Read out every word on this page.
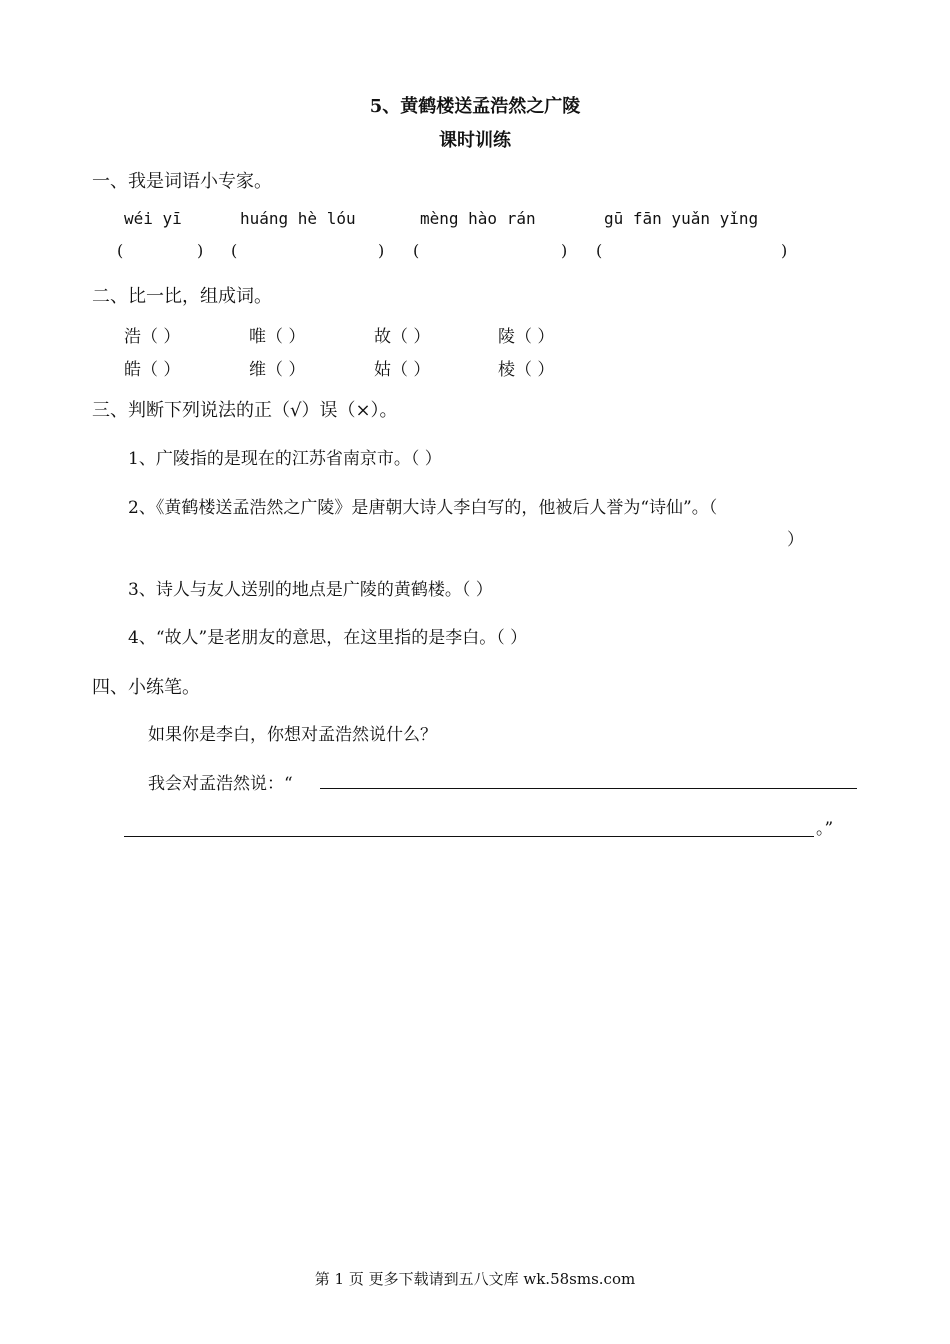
5、黄鹤楼送孟浩然之广陵
课时训练
一、我是词语小专家。
wéi yī	huáng hè lóu	mèng hào rán	gū fān yuǎn yǐng
(	) (	) (	) (	)
二、比一比，组成词。
浩（ ）	唯（ ）	故（ ）	陵（ ）
皓（ ）	维（ ）	姑（ ）	棱（ ）
三、判断下列说法的正（√）误（×）。
1、广陵指的是现在的江苏省南京市。（ ）
2、《黄鹤楼送孟浩然之广陵》是唐朝大诗人李白写的，他被后人誉为“诗仙”。（
）
3、诗人与友人送别的地点是广陵的黄鹤楼。（ ）
4、“故人”是老朋友的意思，在这里指的是李白。（ ）
四、小练笔。
如果你是李白，你想对孟浩然说什么？
我会对孟浩然说：“
。”
第 1 页 更多下载请到五八文库 wk.58sms.com
